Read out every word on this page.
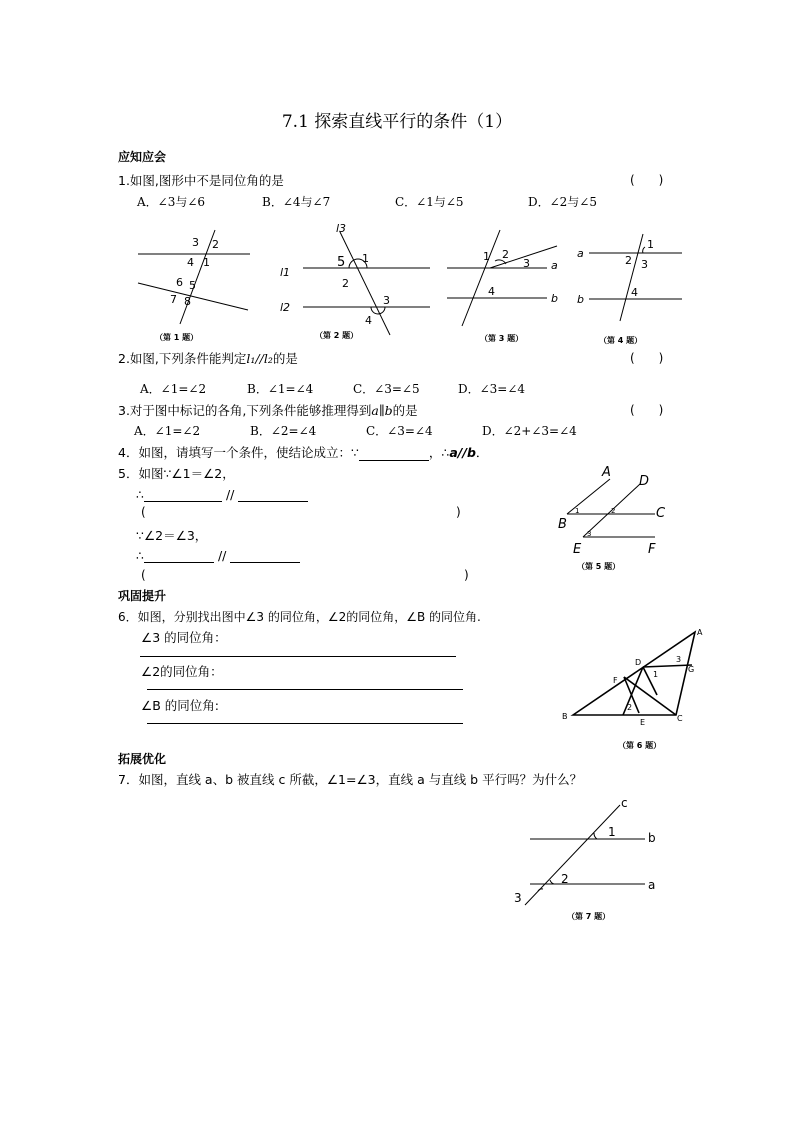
7.1 探索直线平行的条件（1）
应知应会
1.如图,图形中不是同位角的是	(　　)
A．∠3与∠6	B．∠4与∠7	C．∠1与∠5	D．∠2与∠5
3 2
4 1
6 5
7 8
（第 1 题）
l3
5 1
l1
2
l2
3
4
（第 2 题）
1 2
3 a
4
b
（第 3 题）
a
1
2 3
b
4
（第 4 题）
2.如图,下列条件能判定l₁//l₂的是	(　　)
A．∠1=∠2	B．∠1=∠4	C．∠3=∠5	D．∠3=∠4
3.对于图中标记的各角,下列条件能够推理得到a∥b的是	(　　)
A．∠1=∠2	B．∠2=∠4	C．∠3=∠4	D．∠2+∠3=∠4
4．如图，请填写一个条件，使结论成立：∵	，∴a//b．
5．如图∵∠1＝∠2，
∴	//
(	)
∵∠2＝∠3，
∴	//
(	)
A
D
B
C
E	F
1	2
3
（第 5 题）
巩固提升
6．如图，分别找出图中∠3 的同位角，∠2的同位角，∠B 的同位角.
∠3 的同位角：
∠2的同位角：
∠B 的同位角:
A
D	3
G
1
F
2
B
E	C
（第 6 题）
拓展优化
7．如图，直线 a、b 被直线 c 所截，∠1=∠3，直线 a 与直线 b 平行吗？为什么？
c
1	b
2	a
3
（第 7 题）
